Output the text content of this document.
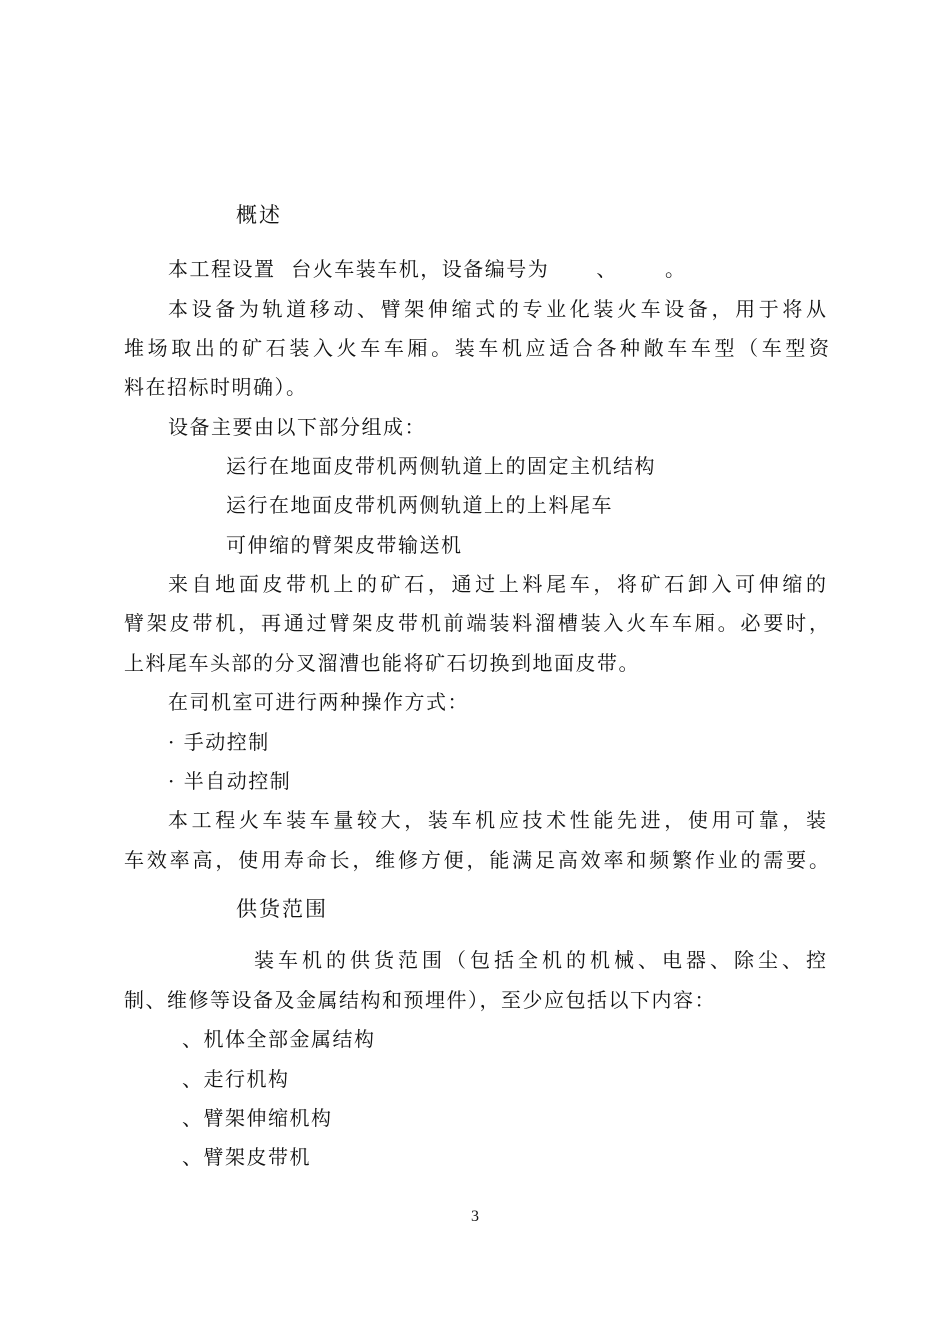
概述
本工程设置  台火车装车机，设备编号为      、      。
本设备为轨道移动、臂架伸缩式的专业化装火车设备，用于将从
堆场取出的矿石装入火车车厢。装车机应适合各种敞车车型（车型资
料在招标时明确）。
设备主要由以下部分组成：
运行在地面皮带机两侧轨道上的固定主机结构
运行在地面皮带机两侧轨道上的上料尾车
可伸缩的臂架皮带输送机
来自地面皮带机上的矿石，通过上料尾车，将矿石卸入可伸缩的
臂架皮带机，再通过臂架皮带机前端装料溜槽装入火车车厢。必要时，
上料尾车头部的分叉溜漕也能将矿石切换到地面皮带。
在司机室可进行两种操作方式：
· 手动控制
· 半自动控制
本工程火车装车量较大，装车机应技术性能先进，使用可靠，装
车效率高，使用寿命长，维修方便，能满足高效率和频繁作业的需要。
供货范围
装车机的供货范围（包括全机的机械、电器、除尘、控
制、维修等设备及金属结构和预埋件），至少应包括以下内容：
、机体全部金属结构
、走行机构
、臂架伸缩机构
、臂架皮带机
3
